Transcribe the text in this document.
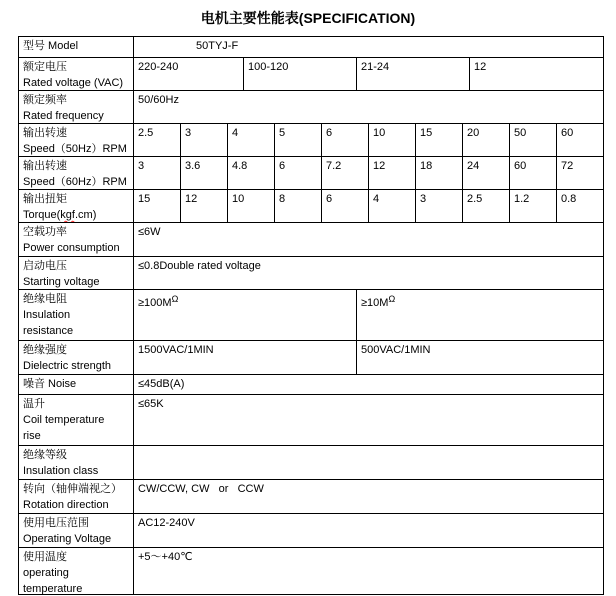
电机主要性能表(SPECIFICATION)
型号 Model	50TYJ-F
额定电压
Rated voltage (VAC)
220-240	100-120	21-24	12
额定频率
Rated frequency
50/60Hz
输出转速
Speed（50Hz）RPM
2.5	3	4	5	6	10	15	20	50	60
输出转速
Speed（60Hz）RPM
3	3.6	4.8	6	7.2	12	18	24	60	72
输出扭矩
Torque(kgf.cm)
15	12	10	8	6	4	3	2.5	1.2	0.8
空载功率
Power consumption
≤6W
启动电压
Starting voltage
≤0.8Double rated voltage
绝缘电阻
Insulation
resistance
$\ge 100M^\Omega$	$\ge 10M^\Omega$
绝缘强度
Dielectric strength
1500VAC/1MIN	500VAC/1MIN
噪音 Noise	≤45dB(A)
温升
Coil temperature
rise
≤65K
绝缘等级
Insulation class

转向（轴伸端视之）
Rotation direction
CW/CCW, CW   or   CCW
使用电压范围
Operating Voltage
AC12-240V
使用温度
operating
temperature
+5～+40℃
